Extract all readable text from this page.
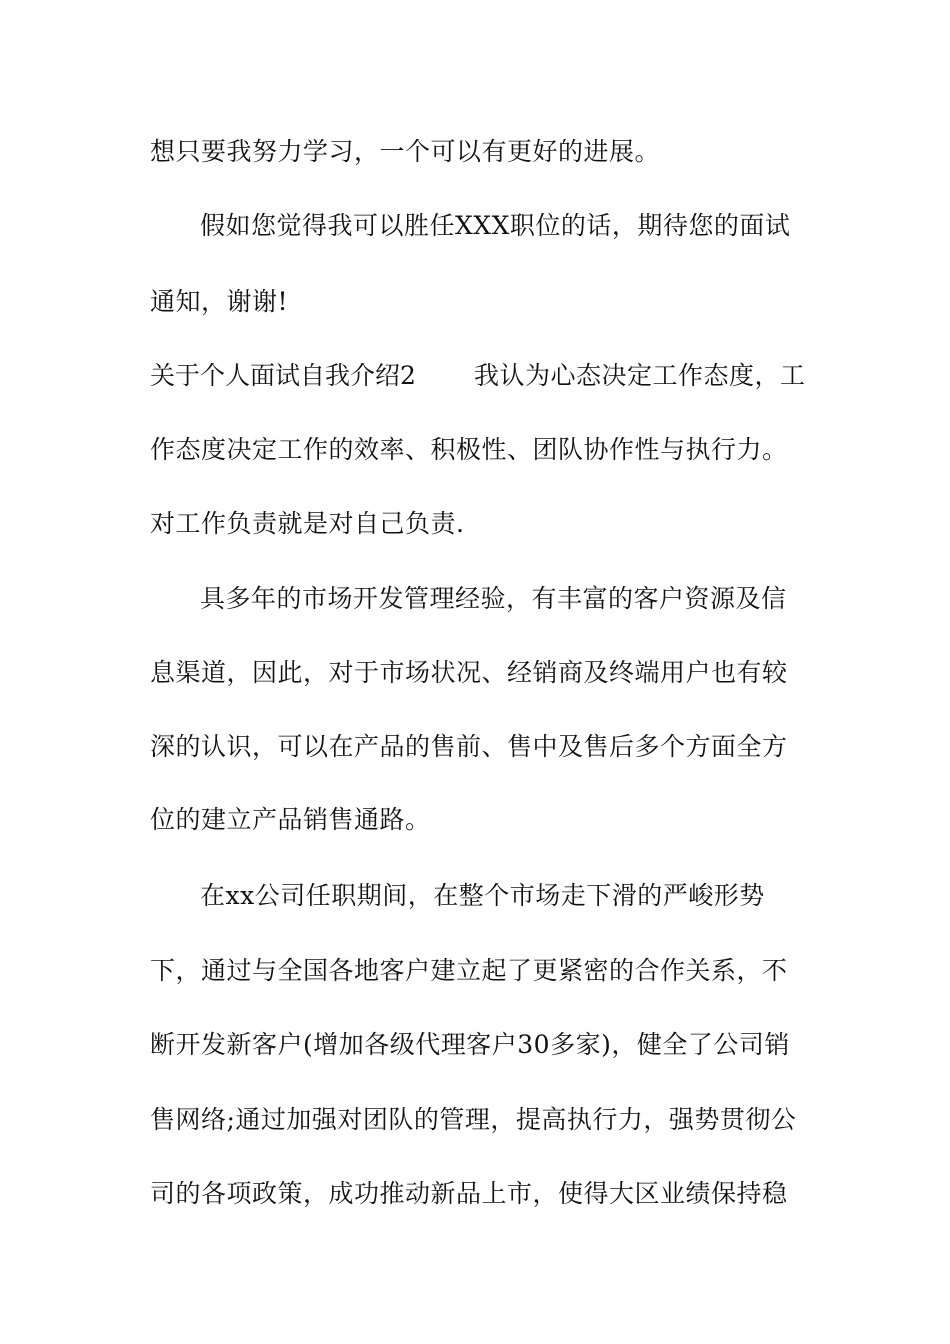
想只要我努力学习，一个可以有更好的进展。

假如您觉得我可以胜任XXX职位的话，期待您的面试

通知，谢谢!

关于个人面试自我介绍2 我认为心态决定工作态度，工

作态度决定工作的效率、积极性、团队协作性与执行力。

对工作负责就是对自己负责.

具多年的市场开发管理经验，有丰富的客户资源及信

息渠道，因此，对于市场状况、经销商及终端用户也有较

深的认识，可以在产品的售前、售中及售后多个方面全方

位的建立产品销售通路。

在xx公司任职期间，在整个市场走下滑的严峻形势

下，通过与全国各地客户建立起了更紧密的合作关系，不

断开发新客户(增加各级代理客户30多家)，健全了公司销

售网络;通过加强对团队的管理，提高执行力，强势贯彻公

司的各项政策，成功推动新品上市，使得大区业绩保持稳
